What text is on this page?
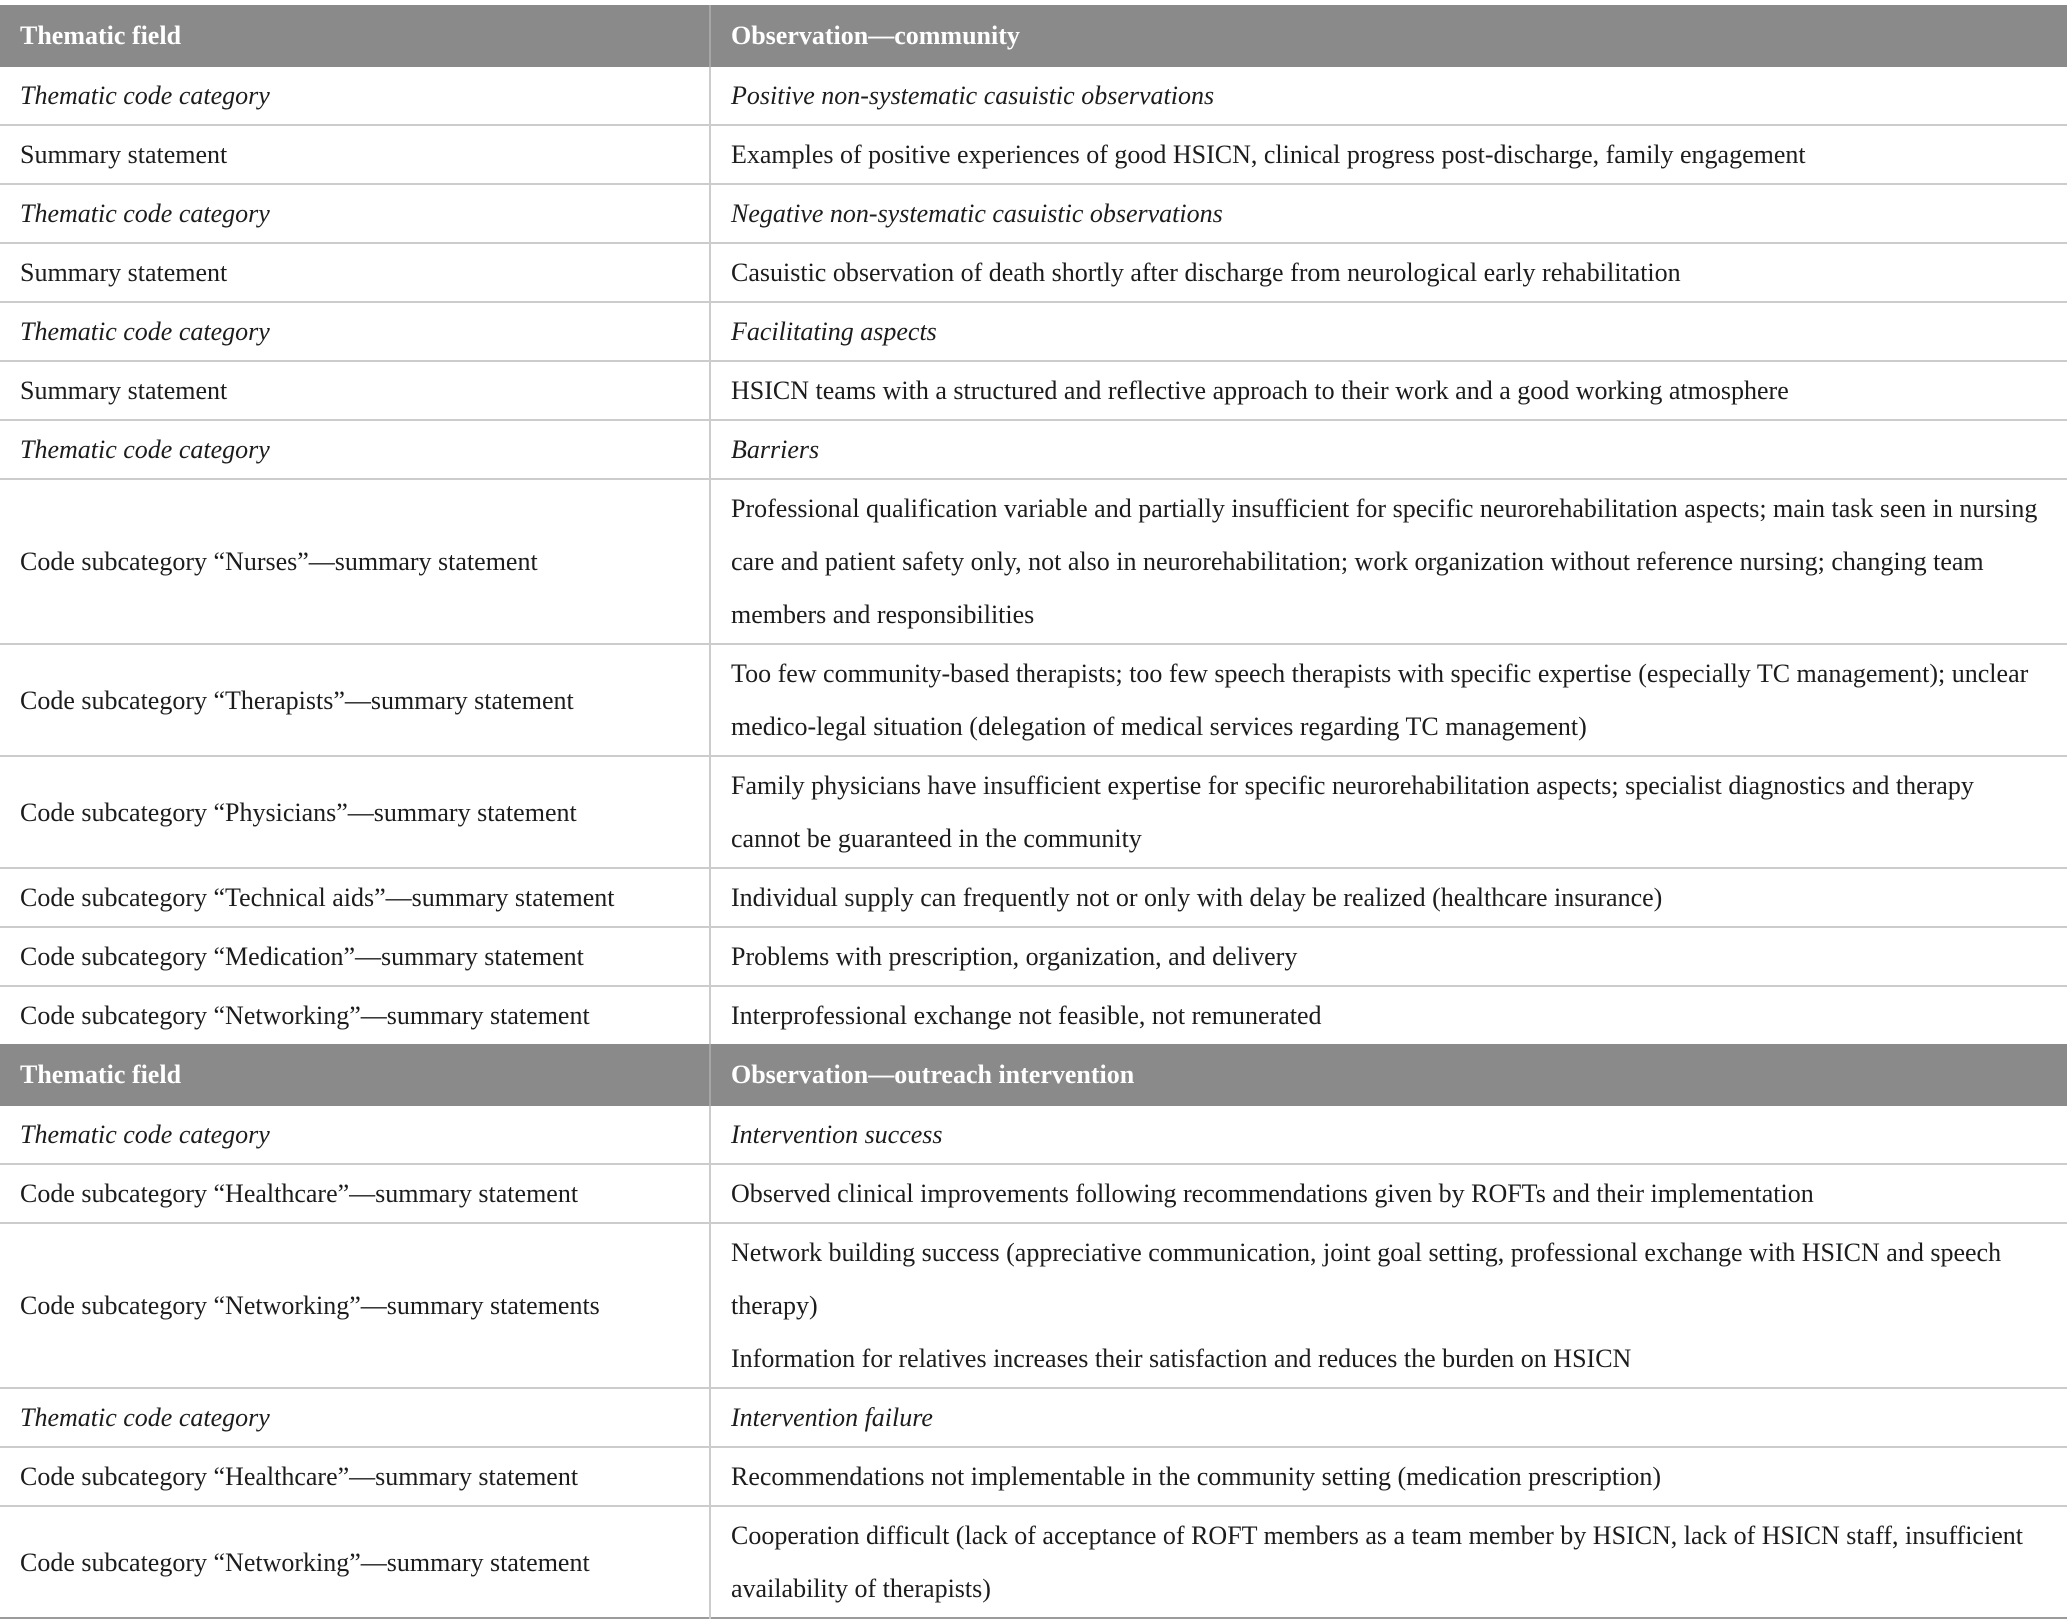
Thematic field	Observation—community
Thematic code category	Positive non-systematic casuistic observations

Summary statement	Examples of positive experiences of good HSICN, clinical progress post-discharge, family engagement

Thematic code category	Negative non-systematic casuistic observations

Summary statement	Casuistic observation of death shortly after discharge from neurological early rehabilitation

Thematic code category	Facilitating aspects

Summary statement	HSICN teams with a structured and reflective approach to their work and a good working atmosphere

Thematic code category	Barriers

Code subcategory “Nurses”—summary statement	Professional qualification variable and partially insufficient for specific neurorehabilitation aspects; main task seen in nursing care and patient safety only, not also in neurorehabilitation; work organization without reference nursing; changing team members and responsibilities

Code subcategory “Therapists”—summary statement	Too few community-based therapists; too few speech therapists with specific expertise (especially TC management); unclear medico-legal situation (delegation of medical services regarding TC management)

Code subcategory “Physicians”—summary statement	Family physicians have insufficient expertise for specific neurorehabilitation aspects; specialist diagnostics and therapy cannot be guaranteed in the community

Code subcategory “Technical aids”—summary statement	Individual supply can frequently not or only with delay be realized (healthcare insurance)

Code subcategory “Medication”—summary statement	Problems with prescription, organization, and delivery

Code subcategory “Networking”—summary statement	Interprofessional exchange not feasible, not remunerated

Thematic field	Observation—outreach intervention
Thematic code category	Intervention success

Code subcategory “Healthcare”—summary statement	Observed clinical improvements following recommendations given by ROFTs and their implementation

Code subcategory “Networking”—summary statements	Network building success (appreciative communication, joint goal setting, professional exchange with HSICN and speech therapy)
Information for relatives increases their satisfaction and reduces the burden on HSICN

Thematic code category	Intervention failure

Code subcategory “Healthcare”—summary statement	Recommendations not implementable in the community setting (medication prescription)

Code subcategory “Networking”—summary statement	Cooperation difficult (lack of acceptance of ROFT members as a team member by HSICN, lack of HSICN staff, insufficient availability of therapists)
